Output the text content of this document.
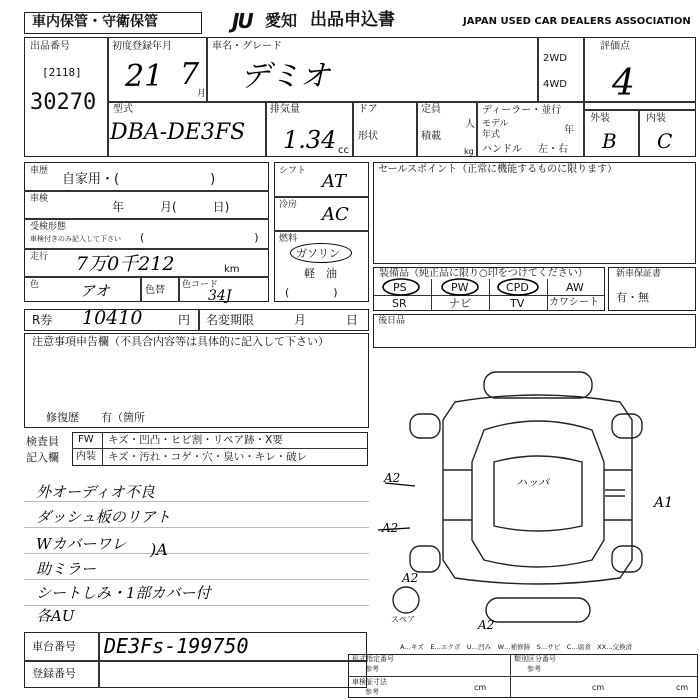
車内保管・守衛保管	JU 愛知 出品申込書	JAPAN USED CAR DEALERS ASSOCIATION
出品番号
[2118]
30270
初度登録年月
21 7
月
車名・グレード
デミオ
2WD
4WD
評価点
4
外装	内装
B C
型式
DBA-DE3FS
排気量
1.34 cc
ドア
形状
定員
人
積載
kg
ディーラー・並行
モデル
年式	年
ハンドル 左・右
車歴
自家用・(　　　　　　　)
車検
年　　　月(　　　日)
受検形態
車検付きのみ記入して下さい (　　　　　　　　　　)
走行 7万0千212	km
色	アオ	色替 色コード
34J
シフト AT
冷房 AC
燃料
ガソリン
軽　油
(　　　　)
セールスポイント（正常に機能するものに限ります）
装備品（純正品に限り○印をつけてください）
PS	PW	CPD	AW
SR	ナビ	TV カワシート
新車保証書
有・無
R券 10410	円 名変期限	月	日
注意事項申告欄（不具合内容等は具体的に記入して下さい）
修復歴　　有（箇所
後日品
検査員
記入欄
FW キズ・凹凸・ヒビ割・リペア跡・X要
内装 キズ・汚れ・コゲ・穴・臭い・キレ・破レ
外オーディオ不良
ダッシュ板のリアト
Wカバーワレ )A
助ミラー
シートしみ・1部カバー付
各AU
ハッパ
A1
A2
A2
A2
A2
スペア
A…キズ　E…エクボ　U…凹み　W…補修跡　S…サビ　C…腐食　XX…交換済
車台番号 DE3Fs-199750
登録番号
形式指定番号
参考
類別区分番号
参考
車検証寸法
参考	cm	cm	cm
